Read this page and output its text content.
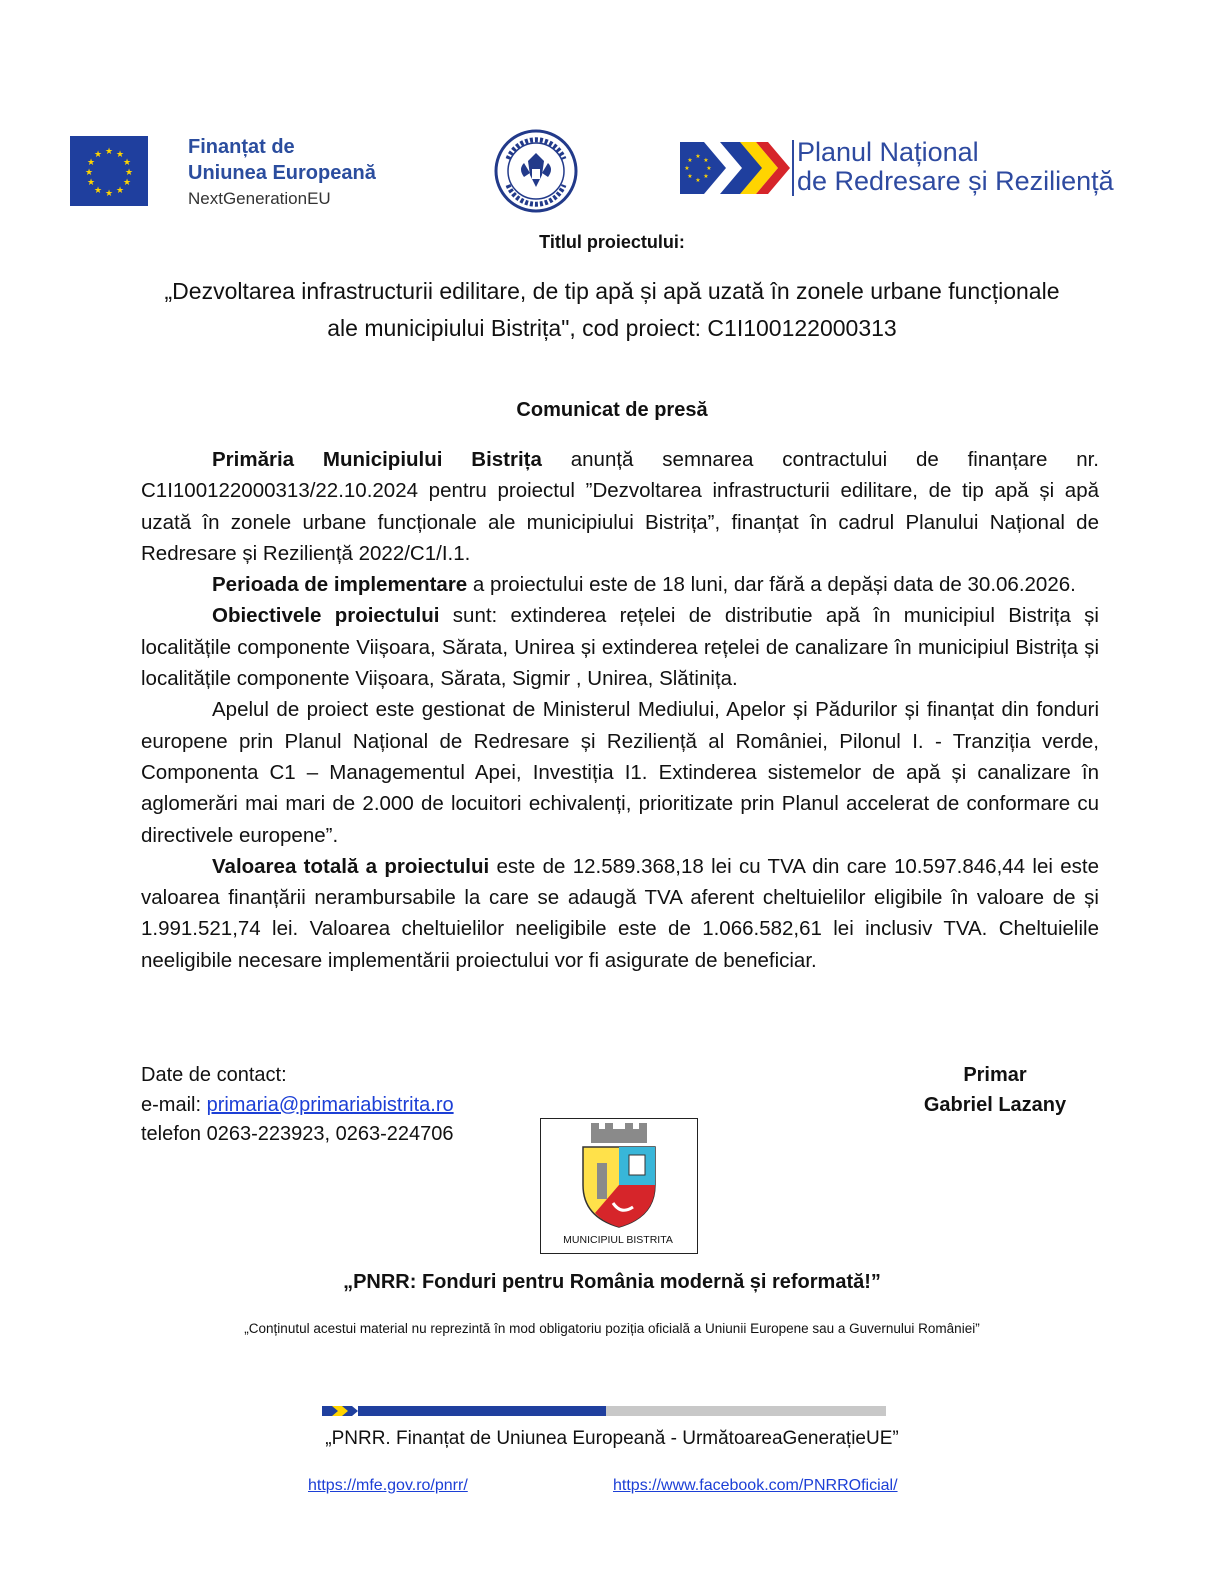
★ ★
★
★
★
★
★
★
★
★
★
★	Finanțat de
Uniunea Europeană
NextGenerationEU
★
★
★
★
★
★
★
★	Planul Național
de Redresare și Reziliență
Titlul proiectului:
„Dezvoltarea infrastructurii edilitare, de tip apă și apă uzată în zonele urbane funcționale ale municipiului Bistrița", cod proiect: C1I100122000313
Comunicat de presă

Primăria Municipiului Bistrița anunță semnarea contractului de finanțare nr. C1I100122000313/22.10.2024 pentru proiectul ”Dezvoltarea infrastructurii edilitare, de tip apă și apă uzată în zonele urbane funcționale ale municipiului Bistrița”, finanțat în cadrul Planului Național de Redresare și Reziliență 2022/C1/I.1.

Perioada de implementare a proiectului este de 18 luni, dar fără a depăși data de 30.06.2026.

Obiectivele proiectului sunt: extinderea rețelei de distributie apă în municipiul Bistrița și localitățile componente Viișoara, Sărata, Unirea și extinderea rețelei de canalizare în municipiul Bistrița și localitățile componente Viișoara, Sărata, Sigmir , Unirea, Slătinița.

Apelul de proiect este gestionat de Ministerul Mediului, Apelor și Pădurilor și finanțat din fonduri europene prin Planul Național de Redresare și Reziliență al României, Pilonul I. - Tranziția verde, Componenta C1 – Managementul Apei, Investiția I1. Extinderea sistemelor de apă și canalizare în aglomerări mai mari de 2.000 de locuitori echivalenți, prioritizate prin Planul accelerat de conformare cu directivele europene”.

Valoarea totală a proiectului este de 12.589.368,18 lei cu TVA din care 10.597.846,44 lei este valoarea finanțării nerambursabile la care se adaugă TVA aferent cheltuielilor eligibile în valoare de și 1.991.521,74 lei. Valoarea cheltuielilor neeligibile este de 1.066.582,61 lei inclusiv TVA. Cheltuielile neeligibile necesare implementării proiectului vor fi asigurate de beneficiar.

Date de contact:
e-mail: primaria@primariabistrita.ro
telefon 0263-223923, 0263-224706
Primar
Gabriel Lazany
MUNICIPIUL BISTRITA
„PNRR: Fonduri pentru România modernă și reformată!”
„Conținutul acestui material nu reprezintă în mod obligatoriu poziția oficială a Uniunii Europene sau a Guvernului României”
„PNRR. Finanțat de Uniunea Europeană - UrmătoareaGenerațieUE”
https://mfe.gov.ro/pnrr/	https://www.facebook.com/PNRROficial/
